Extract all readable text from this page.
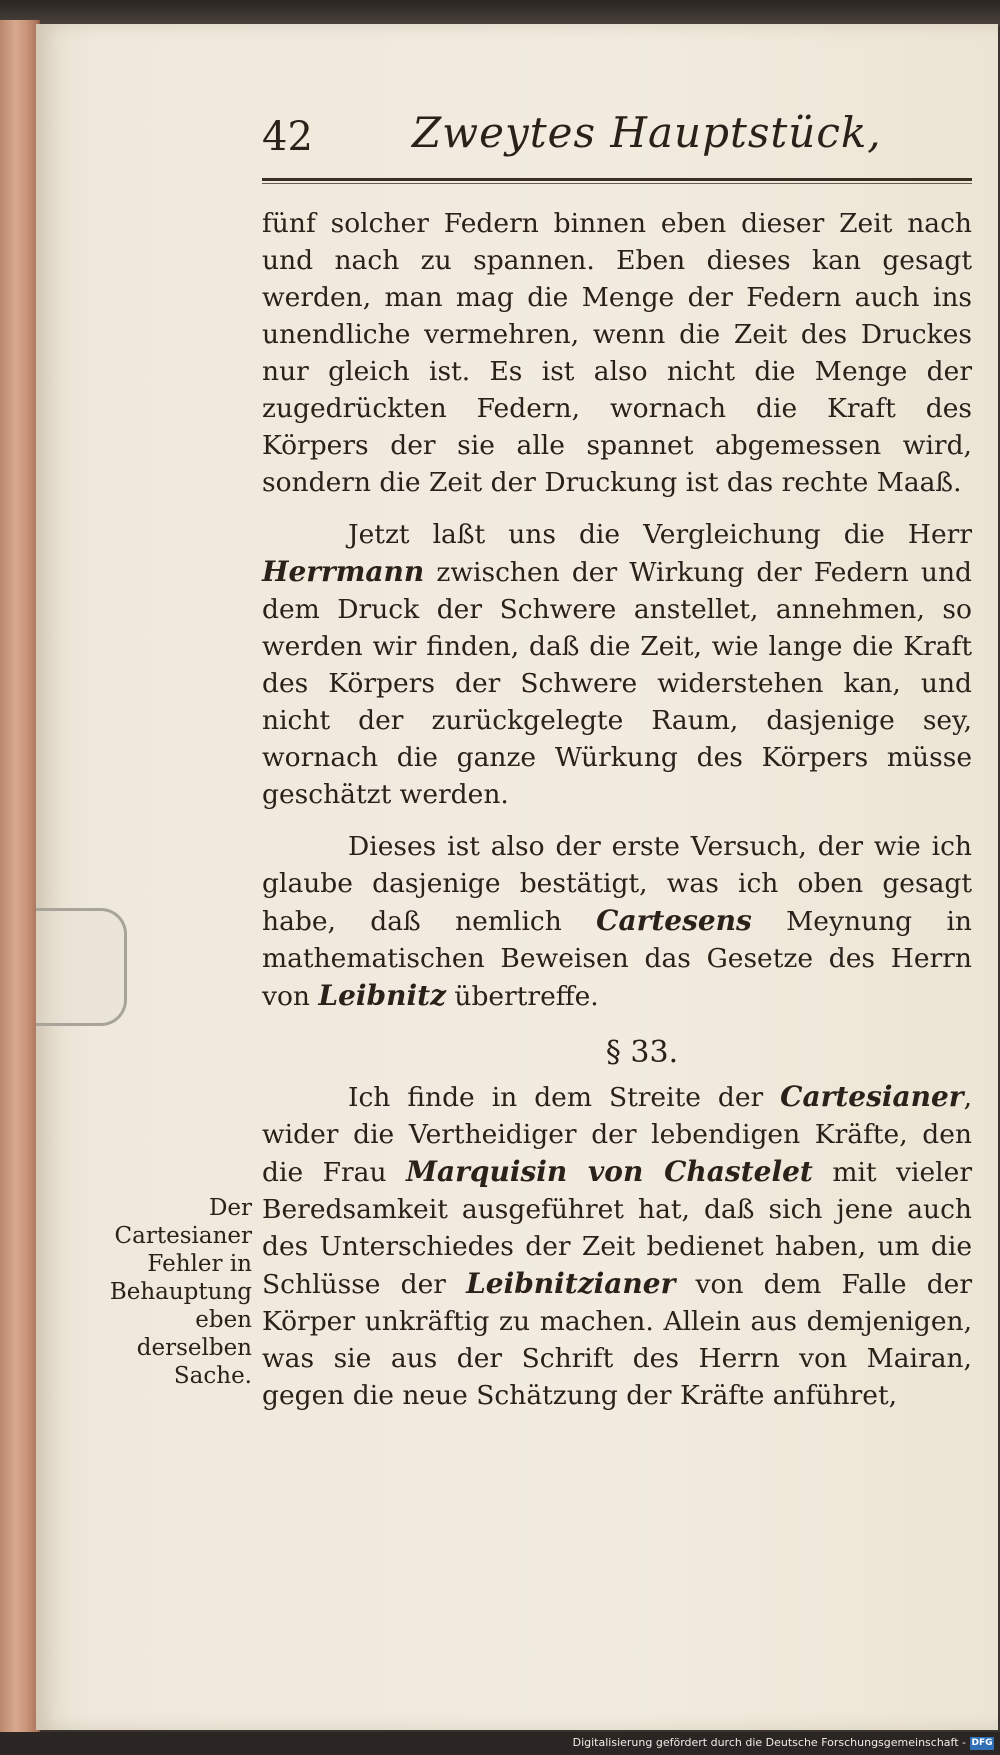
42 Zweytes Hauptstück,

fünf solcher Federn binnen eben dieser Zeit nach und nach zu spannen. Eben dieses kan gesagt werden, man mag die Menge der Federn auch ins unendliche vermehren, wenn die Zeit des Druckes nur gleich ist. Es ist also nicht die Menge der zugedrückten Federn, wornach die Kraft des Körpers der sie alle spannet abgemessen wird, sondern die Zeit der Druckung ist das rechte Maaß.

Jetzt laßt uns die Vergleichung die Herr Herrmann zwischen der Wirkung der Federn und dem Druck der Schwere anstellet, annehmen, so werden wir finden, daß die Zeit, wie lange die Kraft des Körpers der Schwere widerstehen kan, und nicht der zurückgelegte Raum, dasjenige sey, wornach die ganze Würkung des Körpers müsse geschätzt werden.

Dieses ist also der erste Versuch, der wie ich glaube dasjenige bestätigt, was ich oben gesagt habe, daß nemlich Cartesens Meynung in mathematischen Beweisen das Gesetze des Herrn von Leibnitz übertreffe.

§ 33.

Ich finde in dem Streite der Cartesianer, wider die Vertheidiger der lebendigen Kräfte, den die Frau Marquisin von Chastelet mit vieler Beredsamkeit ausgeführet hat, daß sich jene auch des Unterschiedes der Zeit bedienet haben, um die Schlüsse der Leibnitzianer von dem Falle der Körper unkräftig zu machen. Allein aus demjenigen, was sie aus der Schrift des Herrn von Mairan, gegen die neue Schätzung der Kräfte anführet,

Der Cartesianer Fehler in Behauptung eben derselben Sache.
Digitalisierung gefördert durch die Deutsche Forschungsgemeinschaft - DFG
